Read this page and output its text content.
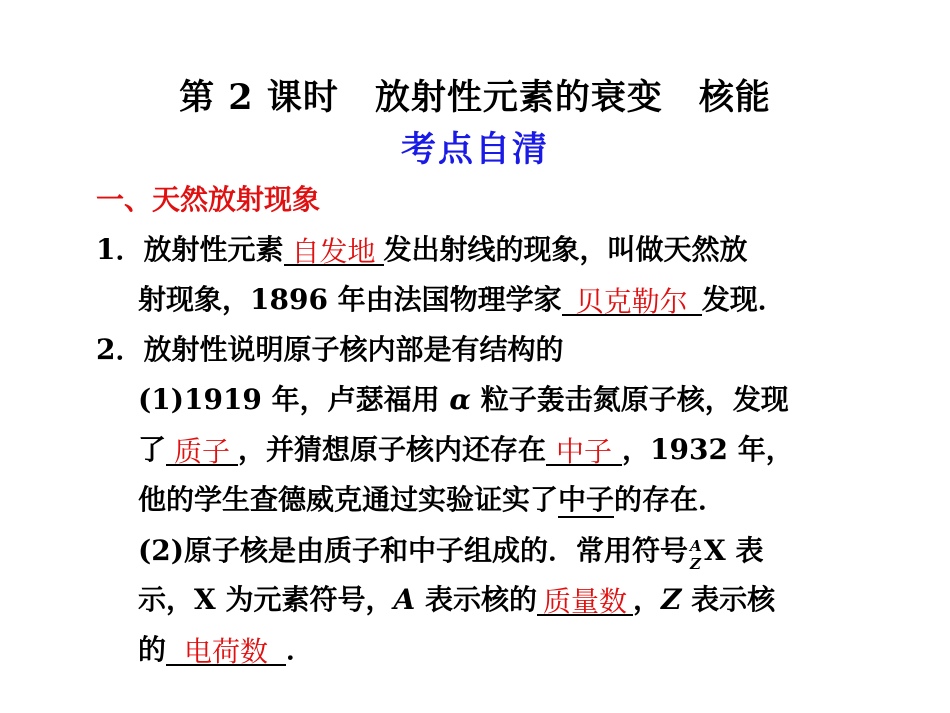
第 2 课时　放射性元素的衰变　核能
考点自清
一、天然放射现象
1．放射性元素 自发地 发出射线的现象，叫做天然放
射现象，1896 年由法国物理学家 贝克勒尔 发现．
2．放射性说明原子核内部是有结构的
(1)1919 年，卢瑟福用 α 粒子轰击氮原子核，发现
了 质子 ，并猜想原子核内还存在 中子 ，1932 年，
他的学生查德威克通过实验证实了中子的存在．
(2)原子核是由质子和中子组成的．常用符号 A
Z X 表
示，X 为元素符号，A 表示核的 质量数 ，Z 表示核
的 电荷数 ．
